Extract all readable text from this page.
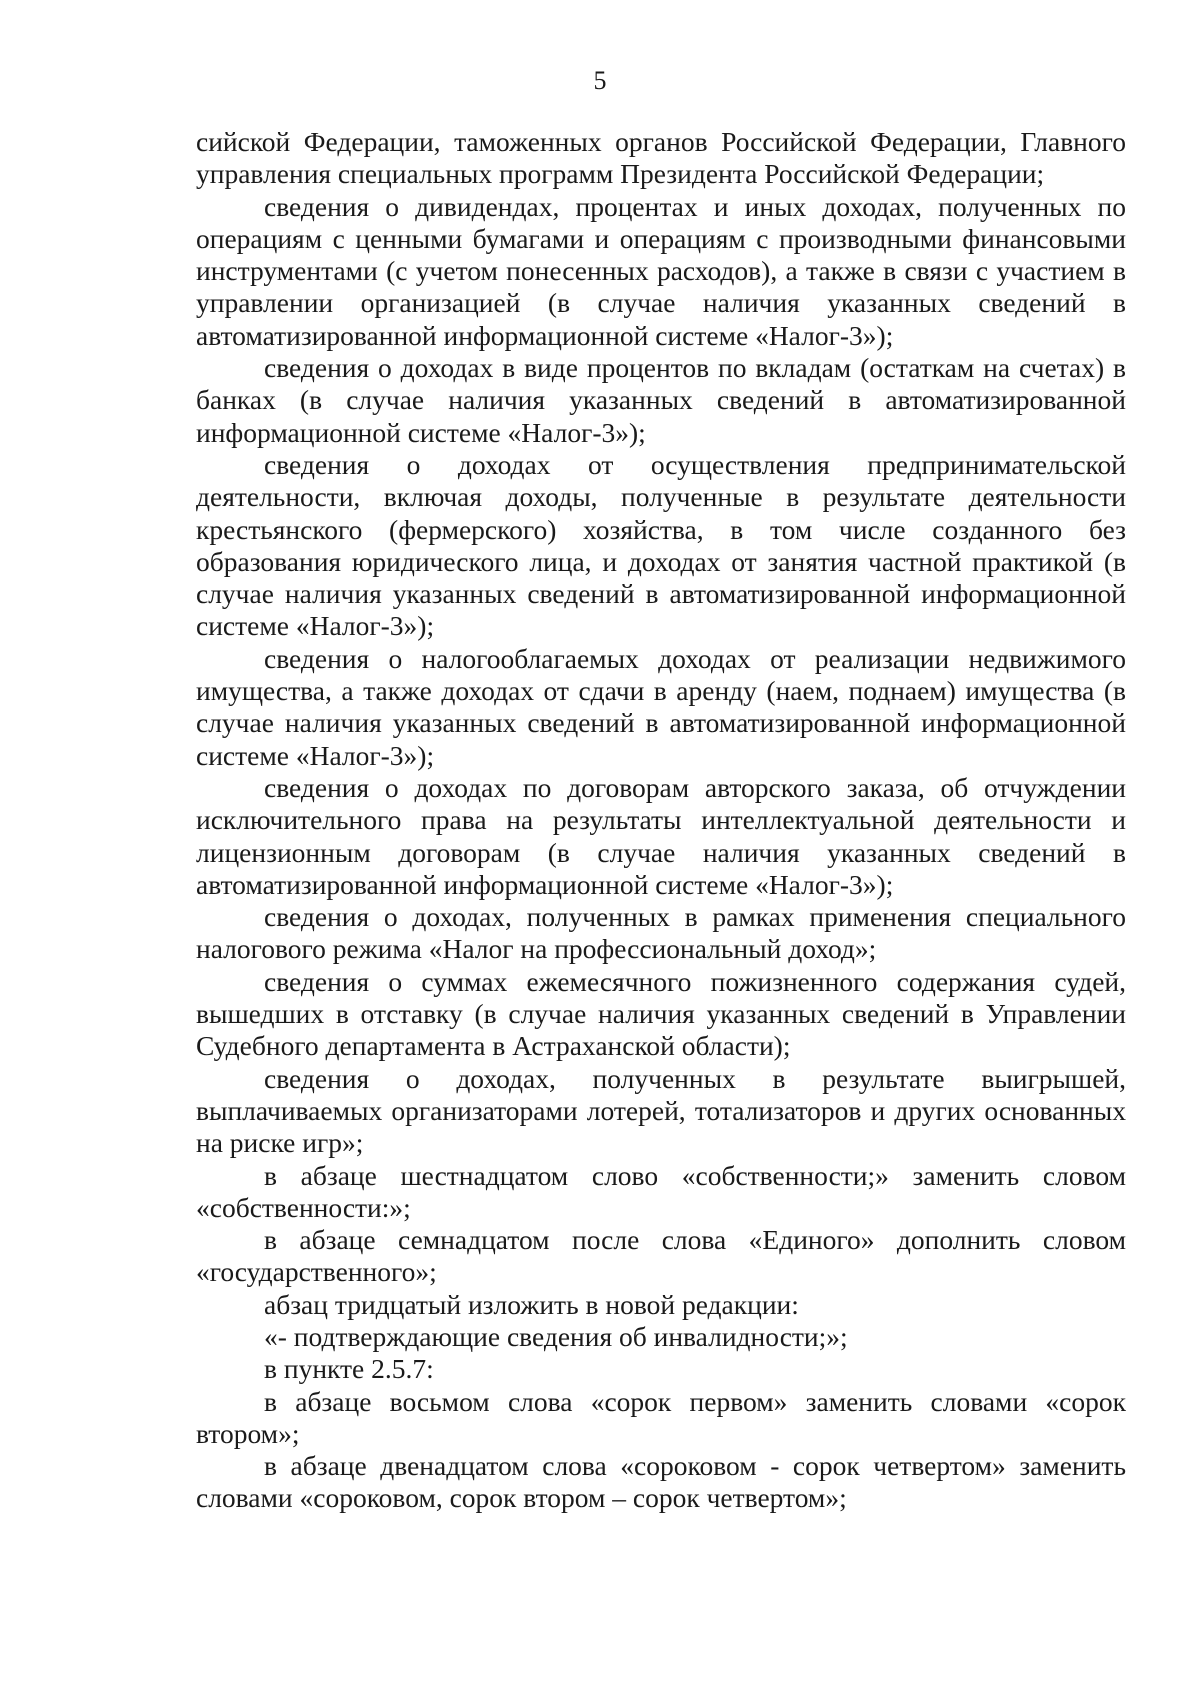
5

сийской Федерации, таможенных органов Российской Федерации, Главного управления специальных программ Президента Российской Федерации;

сведения о дивидендах, процентах и иных доходах, полученных по операциям с ценными бумагами и операциям с производными финансовыми инструментами (с учетом понесенных расходов), а также в связи с участием в управлении организацией (в случае наличия указанных сведений в автоматизированной информационной системе «Налог-3»);

сведения о доходах в виде процентов по вкладам (остаткам на счетах) в банках (в случае наличия указанных сведений в автоматизированной информационной системе «Налог-3»);

сведения о доходах от осуществления предпринимательской деятельности, включая доходы, полученные в результате деятельности крестьянского (фермерского) хозяйства, в том числе созданного без образования юридического лица, и доходах от занятия частной практикой (в случае наличия указанных сведений в автоматизированной информационной системе «Налог-3»);

сведения о налогооблагаемых доходах от реализации недвижимого имущества, а также доходах от сдачи в аренду (наем, поднаем) имущества (в случае наличия указанных сведений в автоматизированной информационной системе «Налог-3»);

сведения о доходах по договорам авторского заказа, об отчуждении исключительного права на результаты интеллектуальной деятельности и лицензионным договорам (в случае наличия указанных сведений в автоматизированной информационной системе «Налог-3»);

сведения о доходах, полученных в рамках применения специального налогового режима «Налог на профессиональный доход»;

сведения о суммах ежемесячного пожизненного содержания судей, вышедших в отставку (в случае наличия указанных сведений в Управлении Судебного департамента в Астраханской области);

сведения о доходах, полученных в результате выигрышей, выплачиваемых организаторами лотерей, тотализаторов и других основанных на риске игр»;

в абзаце шестнадцатом слово «собственности;» заменить словом «собственности:»;

в абзаце семнадцатом после слова «Единого» дополнить словом «государственного»;

абзац тридцатый изложить в новой редакции:

«- подтверждающие сведения об инвалидности;»;

в пункте 2.5.7:

в абзаце восьмом слова «сорок первом» заменить словами «сорок втором»;

в абзаце двенадцатом слова «сороковом - сорок четвертом» заменить словами «сороковом, сорок втором – сорок четвертом»;
